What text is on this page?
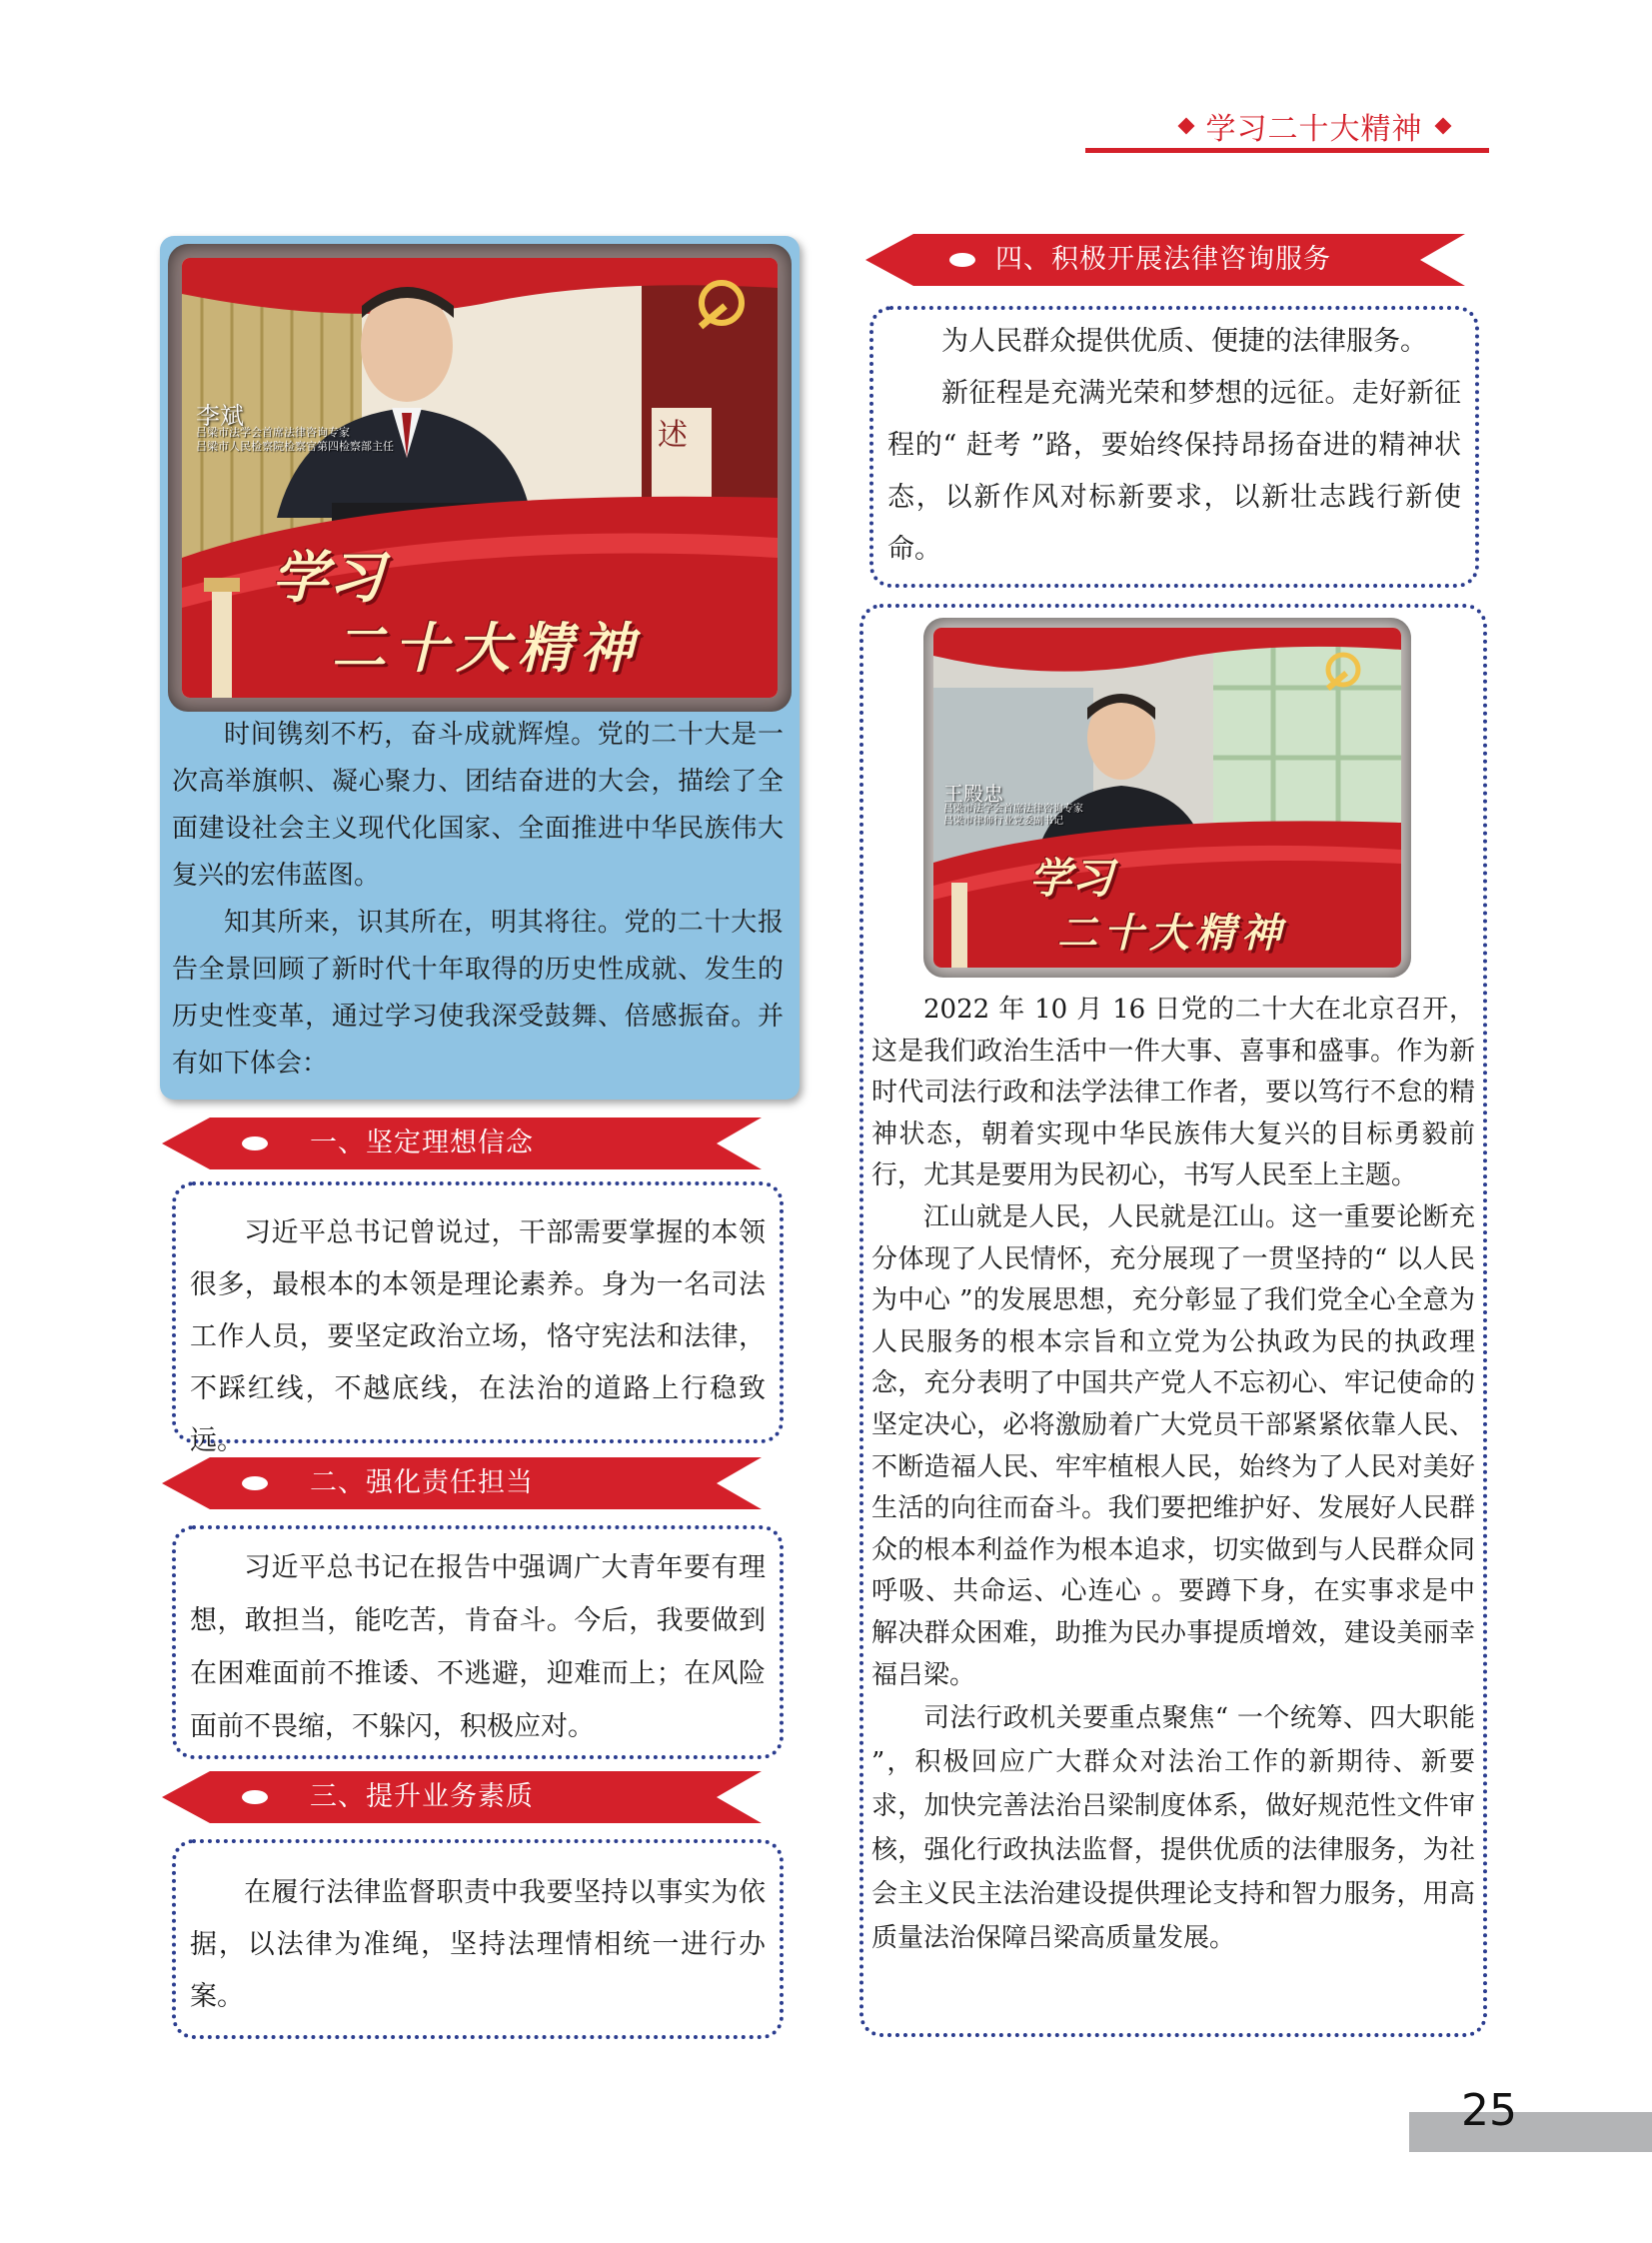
学习二十大精神
李斌
吕梁市法学会首席法律咨询专家
吕梁市人民检察院检察官第四检察部主任	述
学习
二十大精神

时间镌刻不朽，奋斗成就辉煌。党的二十大是一次高举旗帜、凝心聚力、团结奋进的大会，描绘了全面建设社会主义现代化国家、全面推进中华民族伟大复兴的宏伟蓝图。

知其所来，识其所在，明其将往。党的二十大报告全景回顾了新时代十年取得的历史性成就、发生的历史性变革，通过学习使我深受鼓舞、倍感振奋。并有如下体会：

一、坚定理想信念

习近平总书记曾说过，干部需要掌握的本领很多，最根本的本领是理论素养。身为一名司法工作人员，要坚定政治立场，恪守宪法和法律，不踩红线，不越底线，在法治的道路上行稳致远。

二、强化责任担当

习近平总书记在报告中强调广大青年要有理想，敢担当，能吃苦，肯奋斗。今后，我要做到在困难面前不推诿、不逃避，迎难而上；在风险面前不畏缩，不躲闪，积极应对。

三、提升业务素质

在履行法律监督职责中我要坚持以事实为依据，以法律为准绳，坚持法理情相统一进行办案。

四、积极开展法律咨询服务

为人民群众提供优质、便捷的法律服务。

新征程是充满光荣和梦想的远征。走好新征程的“ 赶考 ”路，要始终保持昂扬奋进的精神状态，以新作风对标新要求，以新壮志践行新使命。

王殿忠
吕梁市法学会首席法律咨询专家
吕梁市律师行业党委副书记
学习
二十大精神

2022 年 10 月 16 日党的二十大在北京召开，这是我们政治生活中一件大事、喜事和盛事。作为新时代司法行政和法学法律工作者，要以笃行不怠的精神状态，朝着实现中华民族伟大复兴的目标勇毅前行，尤其是要用为民初心，书写人民至上主题。

江山就是人民，人民就是江山。这一重要论断充分体现了人民情怀，充分展现了一贯坚持的“ 以人民为中心 ”的发展思想，充分彰显了我们党全心全意为人民服务的根本宗旨和立党为公执政为民的执政理念，充分表明了中国共产党人不忘初心、牢记使命的坚定决心，必将激励着广大党员干部紧紧依靠人民、不断造福人民、牢牢植根人民，始终为了人民对美好生活的向往而奋斗。我们要把维护好、发展好人民群众的根本利益作为根本追求，切实做到与人民群众同呼吸、共命运、心连心 。要蹲下身，在实事求是中解决群众困难，助推为民办事提质增效，建设美丽幸福吕梁。

司法行政机关要重点聚焦“ 一个统筹、四大职能 ”，积极回应广大群众对法治工作的新期待、新要求，加快完善法治吕梁制度体系，做好规范性文件审核，强化行政执法监督，提供优质的法律服务，为社会主义民主法治建设提供理论支持和智力服务，用高质量法治保障吕梁高质量发展。

25
